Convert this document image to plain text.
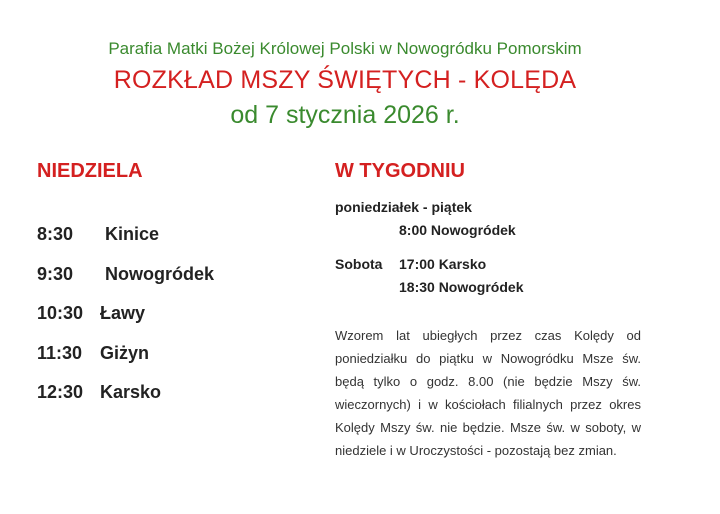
Parafia Matki Bożej Królowej Polski w Nowogródku Pomorskim
ROZKŁAD MSZY ŚWIĘTYCH - KOLĘDA
od 7 stycznia 2026 r.
NIEDZIELA
8:30 Kinice
9:30 Nowogródek
10:30 Ławy
11:30 Giżyn
12:30 Karsko
W TYGODNIU
poniedziałek - piątek
8:00 Nowogródek
Sobota 17:00 Karsko
18:30 Nowogródek

Wzorem lat ubiegłych przez czas Kolędy od poniedziałku do piątku w Nowogródku Msze św. będą tylko o godz. 8.00 (nie będzie Mszy św. wieczornych) i w kościołach filialnych przez okres Kolędy Mszy św. nie będzie. Msze św. w soboty, w niedziele i w Uroczystości - pozostają bez zmian.
